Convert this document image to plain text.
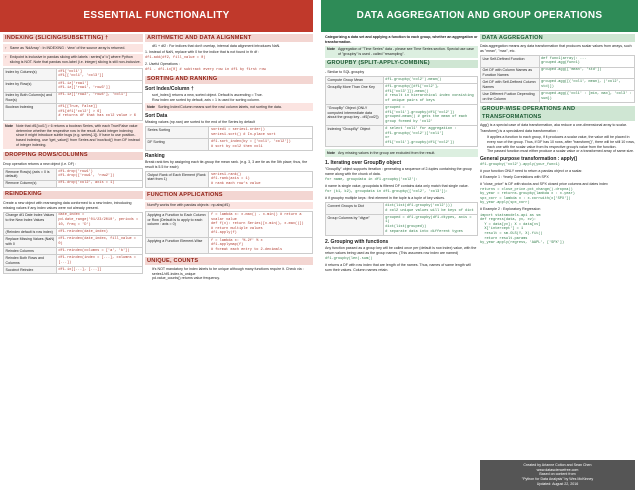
ESSENTIAL FUNCTIONALITY	DATA AGGREGATION AND GROUP OPERATIONS
INDEXING (SLICING/SUBSETTING) †
↑ Same as 'NdArray' : In INDEXING : 'view' of the source array is returned.
↑ Endpoint is inclusive in pandas slicing with labels : series['a':'c'] where Python slicing is NOT. Note that pandas non-label (i.e. integer) slicing is still non-inclusive.
Index by Column(s)	df1['col1']
df1[['col1', 'col3']]
Index by Row(s)	df1.iz['row1']
df1.iz[['row1', 'row3']]
Index by Both Column(s) and Row(s)	df1.iz[['row2', 'row4'], 'col1']
Boolean Indexing	df1[[True, False]]
df1[df1['col2'] > 6]
# returns df that has col2 value > 6
Note Note that df1['col1'] > 6 returns a boolean Series, with each True/False value determine whether the respective row in the result. Avoid integer indexing since it might introduce subtle bugs (e.g. series[-1]). If have to use position-based indexing, use 'iget_value()' from Series and 'irow/icol()' from DF instead of integer indexing.
DROPPING ROWS/COLUMNS
Drop operation returns a new object (i.e. DF) :
Remove Row(s) (axis = 0 is default)	df1.drop('row1')
df1.drop(['row1', 'row2'])
Remove Column(s)	df1.drop('col2', axis = 1)
REINDEXING
Create a new object with rearranging data conformed to a new index, introducing missing values if any index values were not already present.
Change df1 Date Index Values to the New Index Values	date_index = pd.date_range('01/23/2010', periods = 10, freq = 'D')
(Reindex default is row index)	df1.reindex(date_index)
Replace Missing Values (NaN) with 0	df1.reindex(date_index, fill_value = 0)
Reindex Columns	df1.reindex(columns = ['a', 'b'])
Reindex Both Rows and Columns	df1.reindex(index = [...], columns = [...])
Succinct Reindex	df1.ix[[...], [...]]
ARITHMETIC AND DATA ALIGNMENT
• df1 + df2 : For indices that don't overlap, internal data alignment introduces NaN.
1. Instead of NaN, replace with 0 for the indice that is not found in th df :
df1.add(df2, fill_value = 0)
2. Useful Operations :
df1 - df1.ix[0] # subtract every row in df1 by first row
SORTING AND RANKING
Sort Index/Column †
• sort_index() returns a new, sorted object. Default is ascending = True.
• Row index are sorted by default, axis = 1 is used for sorting column.
Note Sorting Index/Column means sort the row/ column labels, not sorting the data.
Sort Data
Missing values (np.nan) are sorted to the end of the Series by default
Series Sorting	sorted1 = series1.order()
series1.sort() # In-place sort
DF Sorting	df1.sort_index(by = ['col1', 'col2'])
# sort by col2 then col1
Ranking
Break rank ties by assigning each tie-group the mean rank. (e.g. 3, 3 are tie as the 5th place; thus, the result is 5.5 for each)
Output Rank of Each Element (Rank start from 1)	series1.rank()
df1.rank(axis = 1)
# rank each row's value
FUNCTION APPLICATIONS
NumPy works fine with pandas objects : np.abs(df1)
Applying a Function to Each Column or Row (Default is to apply to each column : axis = 0)	f = lambda x: x.max() - x.min() # return a scalar value
def f(x): return Series([x.min(), x.max()])
# return multiple values
df1.apply(f)
Applying a Function Element-Wise	f = lambda x: '%.2f' % x
df1.applymap(f)
# format each entry to 2-decimals
UNIQUE, COUNTS
• It's NOT mandatory for index labels to be unique although many functions require it. Check via : series1/df1.index.is_unique
• pd.value_counts() returns value frequency.
Categorizing a data set and applying a function to each group, whether an aggregation or transformation.
Note Aggregation of "Time Series" data - please see Time Series section. Special use case of "groupby" is used - called "resampling".
GROUPBY (SPLIT-APPLY-COMBINE)
- Similar to SQL groupby
Compute Group Mean	df1.groupby('col2').mean()
GroupBy More Than One Key	df1.groupby([df1['col2'], df1['col3']]).mean()
# result in hierarchical index consisting of unique pairs of keys
"GroupBy" Object (ONLY computed intermediate data about the group key - df1['col2'])	grouped = df1['col1'].groupby(df1['col2'])
grouped.mean() # gets the mean of each group formed by 'col2'
Indexing "GroupBy" Object	# select 'col1' for aggregation :
df1.groupby('col2')['col1']
or
df1['col1'].groupby(df1['col2'])
Note Any missing values in the group are excluded from the result.
1. Iterating over GroupBy object
"GroupBy" object supports iteration : generating a sequence of 2-tuples containing the group name along with the chunk of data.
for name, groupdata in df1.groupby('col2'):
# name is single value, groupdata is filtered DF contains data only match that single value.
for (k1, k2), groupdata in df1.groupby(['col2', 'col3']):
# if groupby multiple keys : first element in the tuple is a tuple of key values.
Convert Groups to Dict	dict(list(df1.groupby('col2')))
# col2 unique values will be keys of dict
Group Columns by "dtype"	grouped = df1.groupby(df1.dtypes, axis = 1)
dict(list(grouped))
# separate data into different types
2. Grouping with functions
Any function passed as a group key will be called once per (default is row index) value, with the return values being used as the group names. (This assumes row index are named)
df1.groupby(len).sum()
# returns a DF with row index that are length of the names. Thus, names of same length will sum their values. Column names retain.
DATA AGGREGATION
Data aggregation means any data transformation that produces scalar values from arrays, such as "mean", "max", etc.
Use Self-Defined Function	def func1(array): ...
grouped.agg(func1)
Get DF with Column Names as Function Names	grouped.agg(['mean', 'std'])
Get DF with Self-Defined Column Names	grouped.agg([('col1', mean), ('col2', std)])
Use Different Fuction Depending on the Column	grouped.agg({'col1' : [min, max], 'col3' : sum})
GROUP-WISE OPERATIONS AND TRANSFORMATIONS
Agg() is a special case of data transformation, aka reduce a one-dimensional array to scalar.
Transform() is a specialized data transformation :
• It applies a function to each group, if it produces a scalar value, the value will be placed in every row of the group. Thus, if DF has 10 rows, after "transform()", there will be still 10 rows, each one with the scalar value from its respective group's value from the function.
• The passed function must either produce a scalar value or a transformed array of same size.
General purpose transformation : apply()
df1.groupby('col2').apply(your_func1)
# your function ONLY need to return a pandas object or a scalar.
# Example 1 : Yearly Correlations with SPX
# "close_price" is DF with stocks and SPX closed price columns and dates index
returns = close_price.pct_change().dropna()
by_year = returns.groupby(lambda x : x.year)
spx_corr = lambda x : x.corrwith(x['SPX'])
by_year.apply(spx_corr)
# Example 2 : Exploratory Regression
import statsmodels.api as sm
def regress(data, yv, xv):
Y = data[yv]; X = data[xv]
X['intercept'] = 1
result = sm.OLS(Y, X).fit()
return result.params
by_year.apply(regress, 'AAPL', ['SPX'])
Created by Arianne Colton and Sean Chen
www.datasciencefree.com
Based on content from
"Python for Data Analysis" by Wes McKinney
Updated: August 22, 2016
